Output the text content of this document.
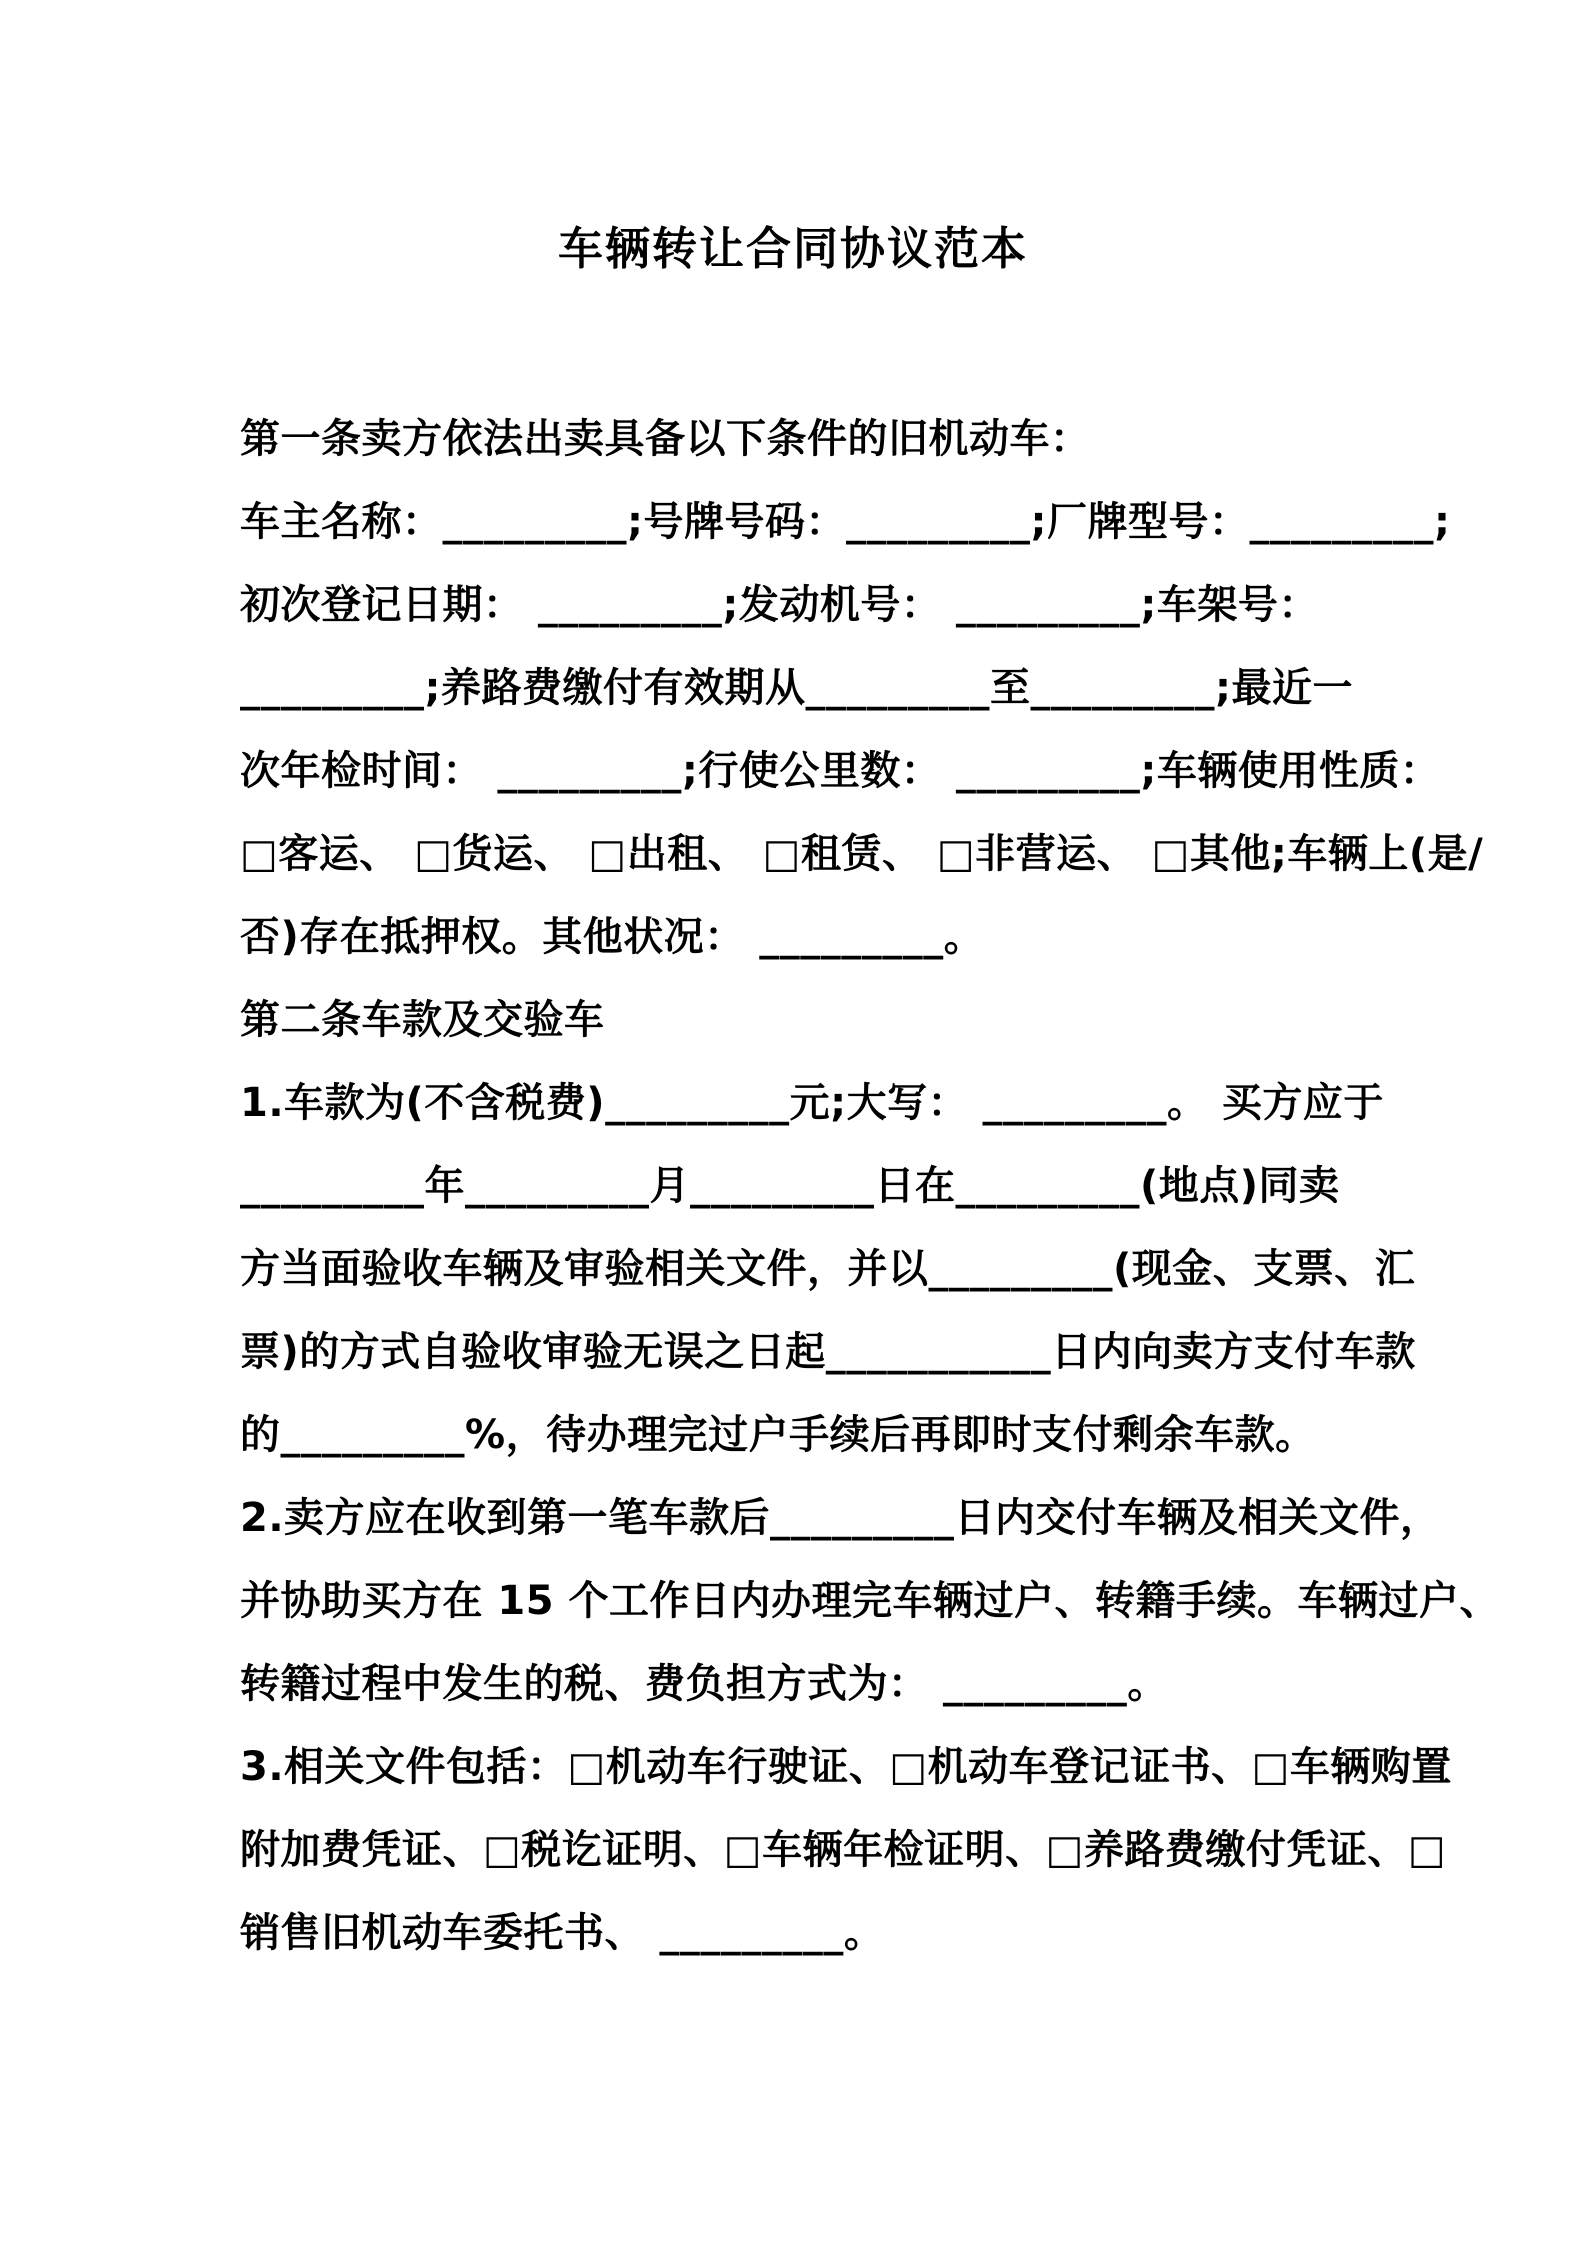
车辆转让合同协议范本
第一条卖方依法出卖具备以下条件的旧机动车：
车主名称：_________;号牌号码：_________;厂牌型号：_________;
初次登记日期： _________;发动机号： _________;车架号：
_________;养路费缴付有效期从_________至_________;最近一
次年检时间： _________;行使公里数： _________;车辆使用性质：
□客运、 □货运、 □出租、 □租赁、 □非营运、 □其他;车辆上(是/
否)存在抵押权。其他状况： _________。
第二条车款及交验车
1.车款为(不含税费)_________元;大写： _________。 买方应于
_________年_________月_________日在_________(地点)同卖
方当面验收车辆及审验相关文件，并以_________(现金、支票、汇
票)的方式自验收审验无误之日起___________日内向卖方支付车款
的_________%，待办理完过户手续后再即时支付剩余车款。
2.卖方应在收到第一笔车款后_________日内交付车辆及相关文件，
并协助买方在 15 个工作日内办理完车辆过户、转籍手续。车辆过户、
转籍过程中发生的税、费负担方式为： _________。
3.相关文件包括：□机动车行驶证、□机动车登记证书、□车辆购置
附加费凭证、□税讫证明、□车辆年检证明、□养路费缴付凭证、□
销售旧机动车委托书、 _________。
